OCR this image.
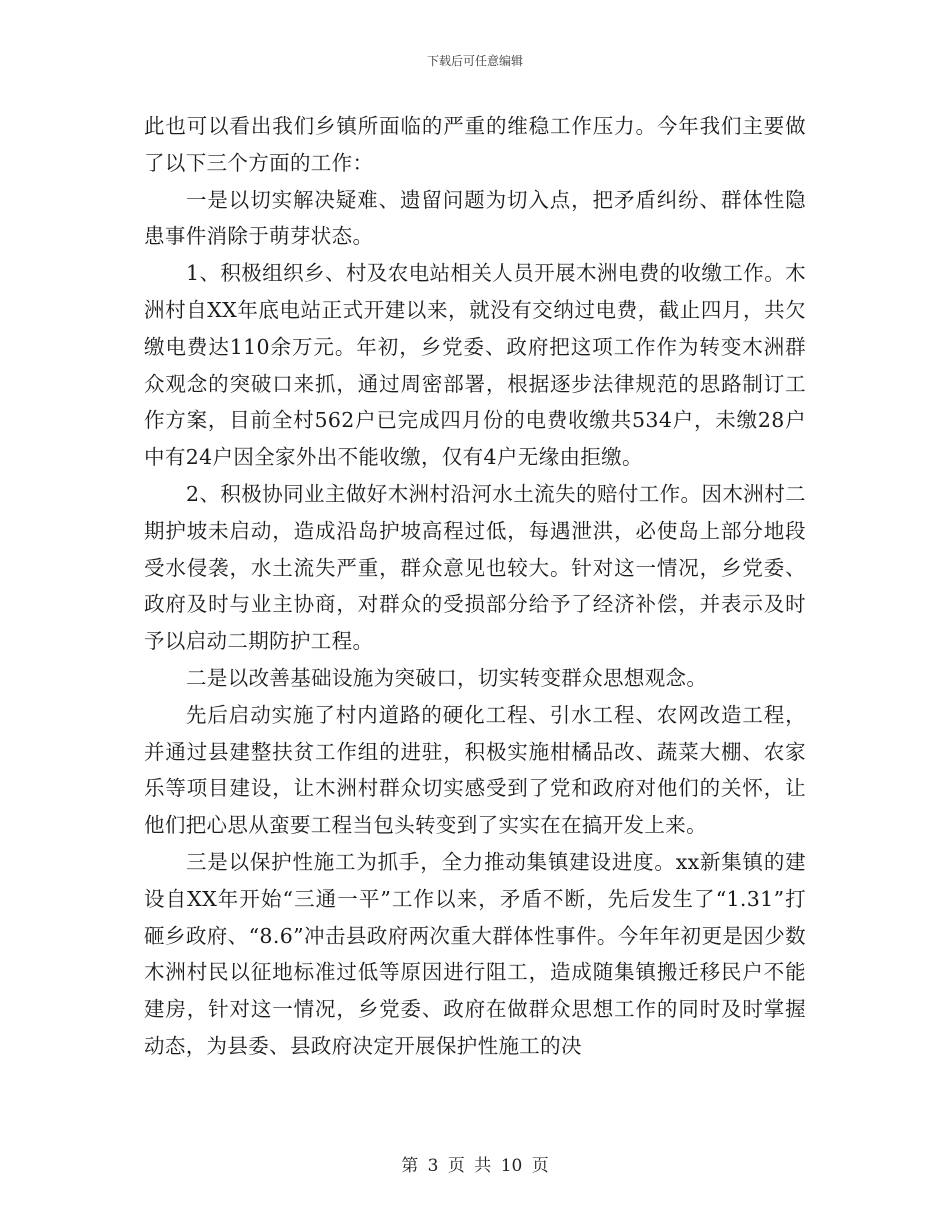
下载后可任意编辑

此也可以看出我们乡镇所面临的严重的维稳工作压力。今年我们主要做了以下三个方面的工作：

一是以切实解决疑难、遗留问题为切入点，把矛盾纠纷、群体性隐患事件消除于萌芽状态。

1、积极组织乡、村及农电站相关人员开展木洲电费的收缴工作。木洲村自XX年底电站正式开建以来，就没有交纳过电费，截止四月，共欠缴电费达110余万元。年初，乡党委、政府把这项工作作为转变木洲群众观念的突破口来抓，通过周密部署，根据逐步法律规范的思路制订工作方案，目前全村562户已完成四月份的电费收缴共534户，未缴28户中有24户因全家外出不能收缴，仅有4户无缘由拒缴。

2、积极协同业主做好木洲村沿河水土流失的赔付工作。因木洲村二期护坡未启动，造成沿岛护坡高程过低，每遇泄洪，必使岛上部分地段受水侵袭，水土流失严重，群众意见也较大。针对这一情况，乡党委、政府及时与业主协商，对群众的受损部分给予了经济补偿，并表示及时予以启动二期防护工程。

二是以改善基础设施为突破口，切实转变群众思想观念。

先后启动实施了村内道路的硬化工程、引水工程、农网改造工程，并通过县建整扶贫工作组的进驻，积极实施柑橘品改、蔬菜大棚、农家乐等项目建设，让木洲村群众切实感受到了党和政府对他们的关怀，让他们把心思从蛮要工程当包头转变到了实实在在搞开发上来。

三是以保护性施工为抓手，全力推动集镇建设进度。xx新集镇的建设自XX年开始“三通一平”工作以来，矛盾不断，先后发生了“1.31”打砸乡政府、“8.6”冲击县政府两次重大群体性事件。今年年初更是因少数木洲村民以征地标准过低等原因进行阻工，造成随集镇搬迁移民户不能建房，针对这一情况，乡党委、政府在做群众思想工作的同时及时掌握动态，为县委、县政府决定开展保护性施工的决

第 3 页 共 10 页
